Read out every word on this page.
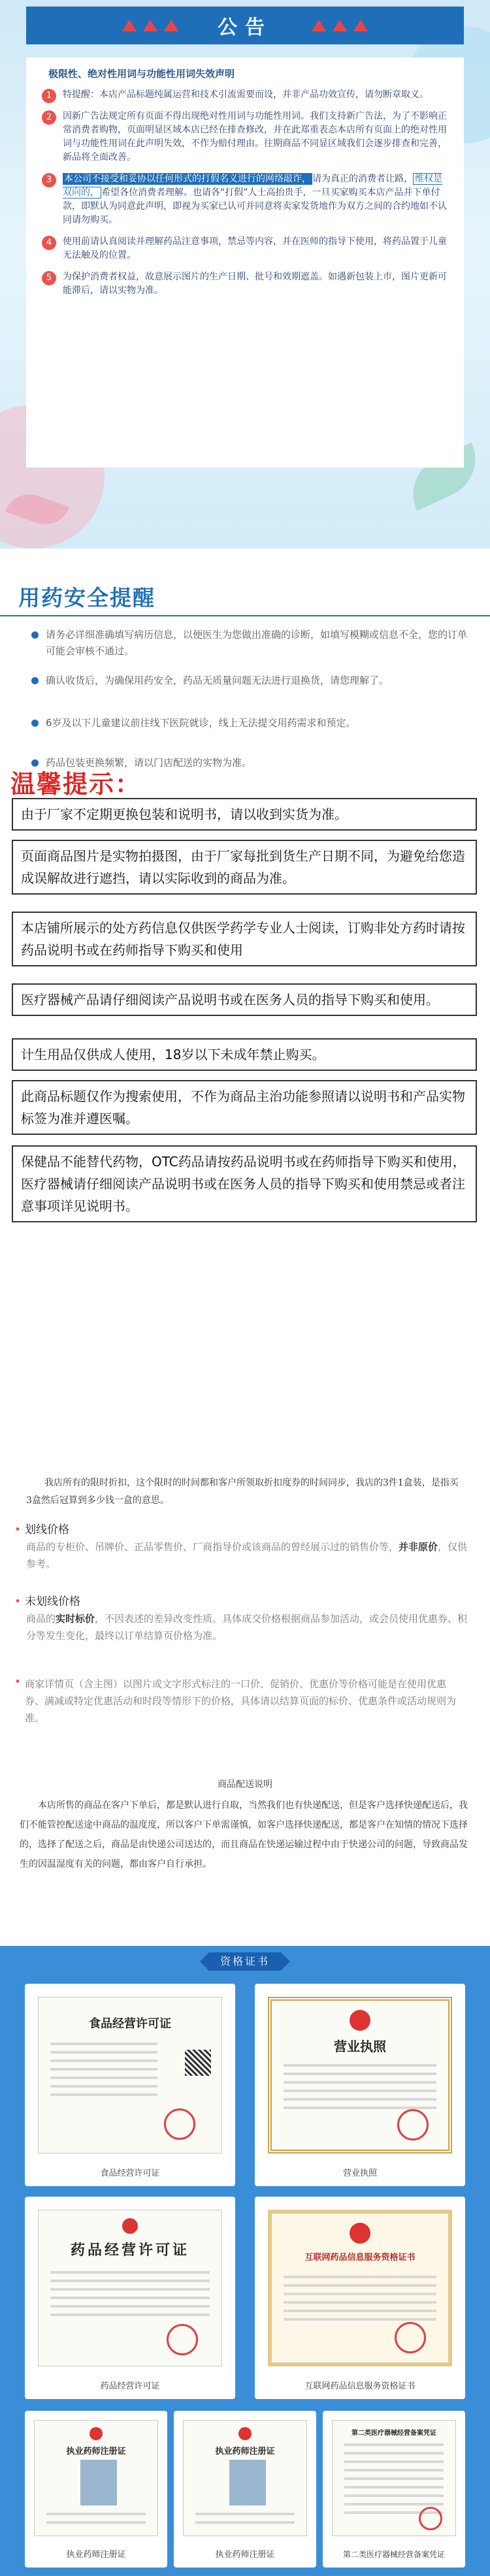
公告
极限性、绝对性用词与功能性用词失效声明
1	特提醒：本店产品标题纯属运营和技术引流需要而设，并非产品功效宣传，请勿断章取义。
2	因新广告法规定所有页面不得出现绝对性用词与功能性用词。我们支持新广告法，为了不影响正常消费者购物，页面明显区域本店已经在排查修改，并在此郑重表态本店所有页面上的绝对性用词与功能性用词在此声明失效，不作为赔付理由。往期商品不同显区域我们会逐步排查和完善，新品将全面改善。
3	本公司不接受和妥协以任何形式的打假名义进行的网络敲诈， 请为真正的消费者让路， 维权是双向的， 希望各位消费者理解。也请各“打假”人士高抬贵手，一旦买家购买本店产品并下单付款，即默认为同意此声明，即视为买家已认可并同意将卖家发货地作为双方之间的合约地如不认同请勿购买。
4	使用前请认真阅读并理解药品注意事项，禁忌等内容，并在医师的指导下使用，将药品置于儿童无法触及的位置。
5	为保护消费者权益，故意展示图片的生产日期、批号和效期遮盖。如遇新包装上市，图片更新可能滞后，请以实物为准。
用药安全提醒
请务必详细准确填写病历信息，以便医生为您做出准确的诊断，如填写模糊或信息不全，您的订单可能会审核不通过。
确认收货后，为确保用药安全，药品无质量问题无法进行退换货，请您理解了。
6岁及以下儿童建议前往线下医院就诊，线上无法提交用药需求和预定。
药品包装更换频繁，请以门店配送的实物为准。
温馨提示：
由于厂家不定期更换包装和说明书，请以收到实货为准。
页面商品图片是实物拍摄图，由于厂家每批到货生产日期不同，为避免给您造成误解故进行遮挡，请以实际收到的商品为准。
本店铺所展示的处方药信息仅供医学药学专业人士阅读，订购非处方药时请按药品说明书或在药师指导下购买和使用
医疗器械产品请仔细阅读产品说明书或在医务人员的指导下购买和使用。
计生用品仅供成人使用，18岁以下未成年禁止购买。
此商品标题仅作为搜索使用，不作为商品主治功能参照请以说明书和产品实物标签为准并遵医嘱。
保健品不能替代药物，OTC药品请按药品说明书或在药师指导下购买和使用，医疗器械请仔细阅读产品说明书或在医务人员的指导下购买和使用禁忌或者注意事项详见说明书。
我店所有的限时折扣，这个限时的时间都和客户所领取折扣度券的时间同步，我店的3件1盒装，是指买3盒然后冠算到多少钱一盒的意思。
• 划线价格
商品的专柜价、吊牌价、正品零售价、厂商指导价或该商品的曾经展示过的销售价等，并非原价，仅供参考。
• 未划线价格
商品的实时标价，不因表述的差异改变性质。具体成交价格根据商品参加活动，或会员使用优惠券、积分等发生变化，最终以订单结算页价格为准。
• 商家详情页（含主图）以图片或文字形式标注的一口价、促销价、优惠价等价格可能是在使用优惠券、满减或特定优惠活动和时段等情形下的价格，具体请以结算页面的标价、优惠条件或活动规则为准。
商品配送说明
本店所售的商品在客户下单后，都是默认进行自取，当然我们也有快递配送，但是客户选择快递配送后，我们不能管控配送途中商品的温度度，所以客户下单需谨慎，如客户选择快递配送，都是客户在知情的情况下选择的，选择了配送之后，商品是由快递公司送达的，而且商品在快递运输过程中由于快递公司的问题，导致商品发生的因温湿度有关的问题，都由客户自行承担。
资格证书
食品经营许可证
食品经营许可证
营业执照
营业执照
药品经营许可证
药品经营许可证
互联网药品信息服务资格证书
互联网药品信息服务资格证书
执业药师注册证
执业药师注册证
执业药师注册证
执业药师注册证
第二类医疗器械经营备案凭证
第二类医疗器械经营备案凭证
